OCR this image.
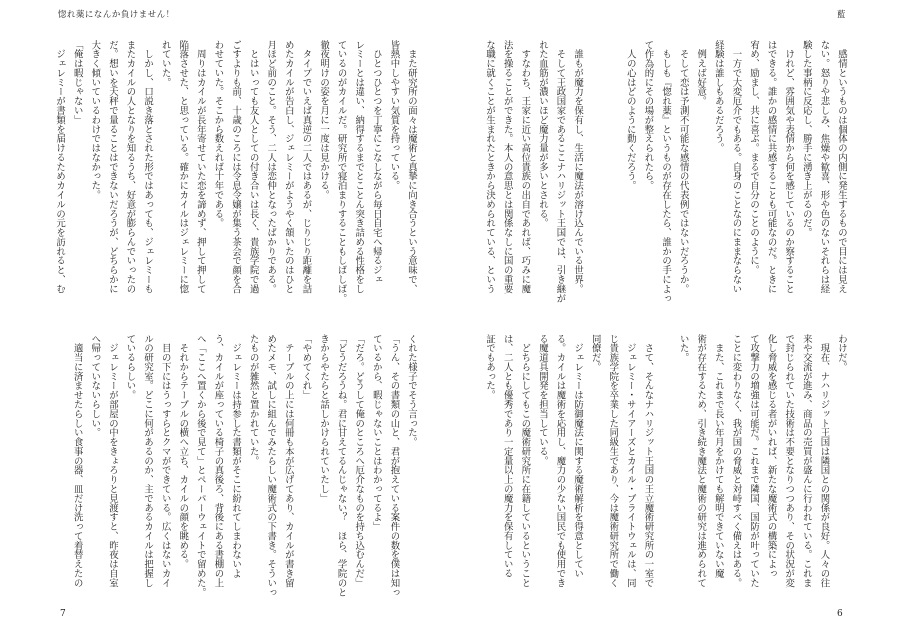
惚れ薬になんか負けません！	藍
　感情というものは個体の内側に発生するもので目には見え
ない。怒りや悲しみ、焦燥や歓喜、形や色のないそれらは経
験した事柄に反応し、勝手に湧き上がるのだ。
　けれど、雰囲気や表情から何を感じているのか察すること
はできる。誰かの感情に共感することも可能なのだ。ときに
宥め、励まし、共に喜ぶ。まるで自分のことのように。
　一方で大変厄介でもある。自身のことなのにままならない
経験は誰しもあるだろう。
　例えば好意。
　そして恋は予測不可能な感情の代表例ではないだろうか。
　もしも『惚れ薬』というものが存在したら、誰かの手によっ
て作為的にその場が整えられたら。
　人の心はどのように動くだろう。
　誰もが魔力を保有し、生活に魔法が溶け込んでいる世界。
　そして王政国家であるここナハリジット王国では、引き継が
れた血筋が濃いほど魔力量が多いとされる。
　すなわち、王家に近い高位貴族の出自であれば、巧みに魔
法を操ることができた。本人の意思とは関係なしに国の重要
な職に就くことが生まれたときから決められている、という
わけだ。
　現在、ナハリジット王国は隣国との関係が良好。人々の往
来や交流が進み、商品の売買が盛んに行われている。これま
で封じられていた技術は不要となりつつあり、その状況が変
化し脅威を感じる者がいれば、新たな魔術式の構築によっ
て攻撃力の増強は可能だ。これまで隣国、国防が叶っていた
ことに変わりなく、我が国の脅威と対峙すべく備えはある。
　また、これまで長い年月をかけても解明できていない魔
術が存在するため、引き続き魔法と魔術の研究は進められて
いた。
　さて、そんなナハリジット王国の王立魔術研究所の一室で
　ジェレミー・サイアーズとカイル・ブライトウェルは、同
じ貴族学院を卒業した同級生であり、今は魔術研究所で働く
同僚だ。
　ジェレミーは防御魔法に関する魔術解析を得意としてい
る。カイルは魔術を応用し、魔力の少ない国民でも使用でき
る魔道具開発を担当している。
　どちらにしてもこの魔術研究所に在籍しているということ
は、二人とも優秀であり一定量以上の魔力を保有している
証でもあった。
　また研究所の面々は魔術と真摯に向き合うという意味で、
皆熱中しやすい気質を持っている。
　ひとつひとつを丁寧にこなしながら毎日自宅へ帰るジェ
レミーとは違い、納得するまでとことん突き詰める性格をし
ているのがカイルだ。研究所で寝泊まりすることもしばしば。
徹夜明けの姿を月に一度は見かける。
　タイプでいえば真逆の二人ではあるが、じりじり距離を詰
めたカイルが告白し、ジェレミーがようやく頷いたのはひと
月ほど前のこと。そう、二人は恋仲となったばかりである。
　とはいっても友人としての付き合いは長く、貴族学院で過
ごすよりも前、十歳のころには令息令嬢が集う茶会で顔を合
わせていた。そこから数えれば十年である。
　周りはカイルが長年寄せていた恋を諦めず、押して押して
陥落させた、と思っている。確かにカイルはジェレミーに惚
れていた。
　しかし、口説き落とされた形ではあっても、ジェレミーも
またカイルの人となりを知るうち、好意が膨らんでいったの
だ。想いを天秤で量ることはできないだろうが、どちらかに
大きく傾いているわけではなかった。
「俺は暇じゃない」
　ジェレミーが書類を届けるためカイルの元を訪れると、む
くれた様子でそう言った。
「うん、その書類の山と、君が抱えている案件の数を僕は知っ
ているから、暇じゃないことはわかってるよ」
「だろ。どうして俺のところへ厄介なものを持ち込むんだ」
「どうだろうね。君に甘えてるんじゃない？　ほら、学院のと
きからやたらと話しかけられていたし」
「やめてくれ」
　テーブルの上には何冊も本が広げてあり、カイルが書き留
めたメモ、試しに組んでみたらしい魔術式の下書き。そういっ
たものが雑然と置かれていた。
　ジェレミーは持参した書類がそこに紛れてしまわないよ
う、カイルが座っている椅子の真後ろ、背後にある書棚の上
へ「ここへ置くから後で見て」とペーパーウェイトで留めた。
　それからテーブルの横へ立ち、カイルの顔を眺める。
　目の下にはうっすらとクマができている。広くはないカイ
ルの研究室。どこに何があるのか、主であるカイルは把握し
ているらしい。
　ジェレミーが部屋の中をきょろりと見渡すと、昨夜は自室
へ帰っていないらしい。
　適当に済ませたらしい食事の器、皿だけ洗って着替えたの
7	6
